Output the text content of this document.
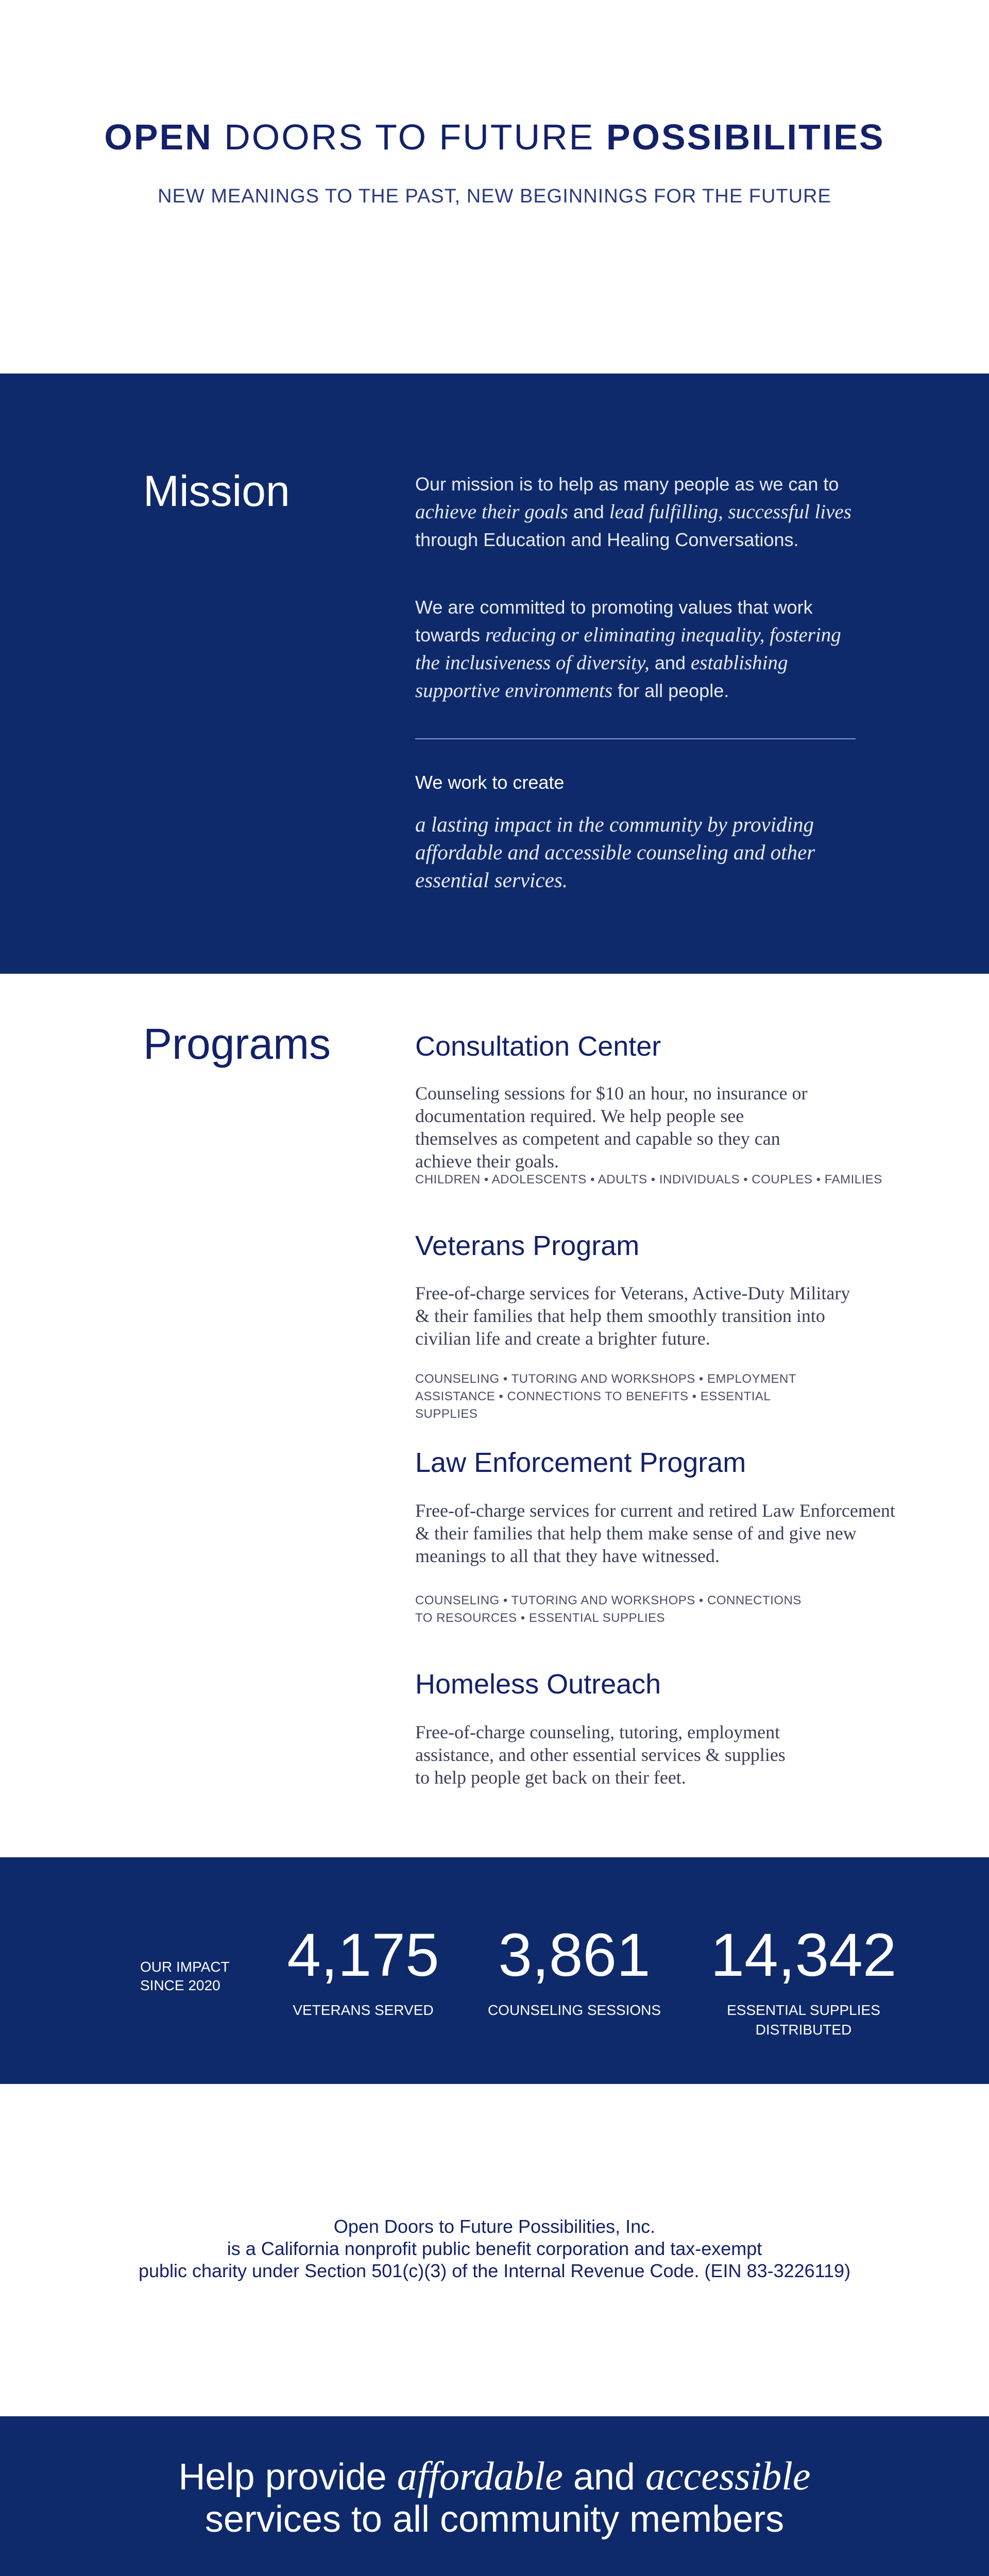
OPEN DOORS TO FUTURE POSSIBILITIES
NEW MEANINGS TO THE PAST, NEW BEGINNINGS FOR THE FUTURE
Mission	Our mission is to help as many people as we can to achieve their goals and lead fulfilling, successful lives through Education and Healing Conversations.
We are committed to promoting values that work towards reducing or eliminating inequality, fostering the inclusiveness of diversity, and establishing supportive environments for all people.
We work to create
a lasting impact in the community by providing affordable and accessible counseling and other essential services.
Programs	Consultation Center
Counseling sessions for $10 an hour, no insurance or documentation required. We help people see themselves as competent and capable so they can achieve their goals.
CHILDREN • ADOLESCENTS • ADULTS • INDIVIDUALS • COUPLES • FAMILIES
Veterans Program
Free-of-charge services for Veterans, Active-Duty Military & their families that help them smoothly transition into civilian life and create a brighter future.
COUNSELING • TUTORING AND WORKSHOPS • EMPLOYMENT ASSISTANCE • CONNECTIONS TO BENEFITS • ESSENTIAL SUPPLIES
Law Enforcement Program
Free-of-charge services for current and retired Law Enforcement & their families that help them make sense of and give new meanings to all that they have witnessed.
COUNSELING • TUTORING AND WORKSHOPS • CONNECTIONS TO RESOURCES • ESSENTIAL SUPPLIES
Homeless Outreach
Free-of-charge counseling, tutoring, employment assistance, and other essential services & supplies to help people get back on their feet.
OUR IMPACT
SINCE 2020 4,175
VETERANS SERVED
3,861
COUNSELING SESSIONS
14,342
ESSENTIAL SUPPLIES
DISTRIBUTED
Open Doors to Future Possibilities, Inc.
is a California nonprofit public benefit corporation and tax-exempt
public charity under Section 501(c)(3) of the Internal Revenue Code. (EIN 83-3226119)
Help provide affordable and accessible
services to all community members
